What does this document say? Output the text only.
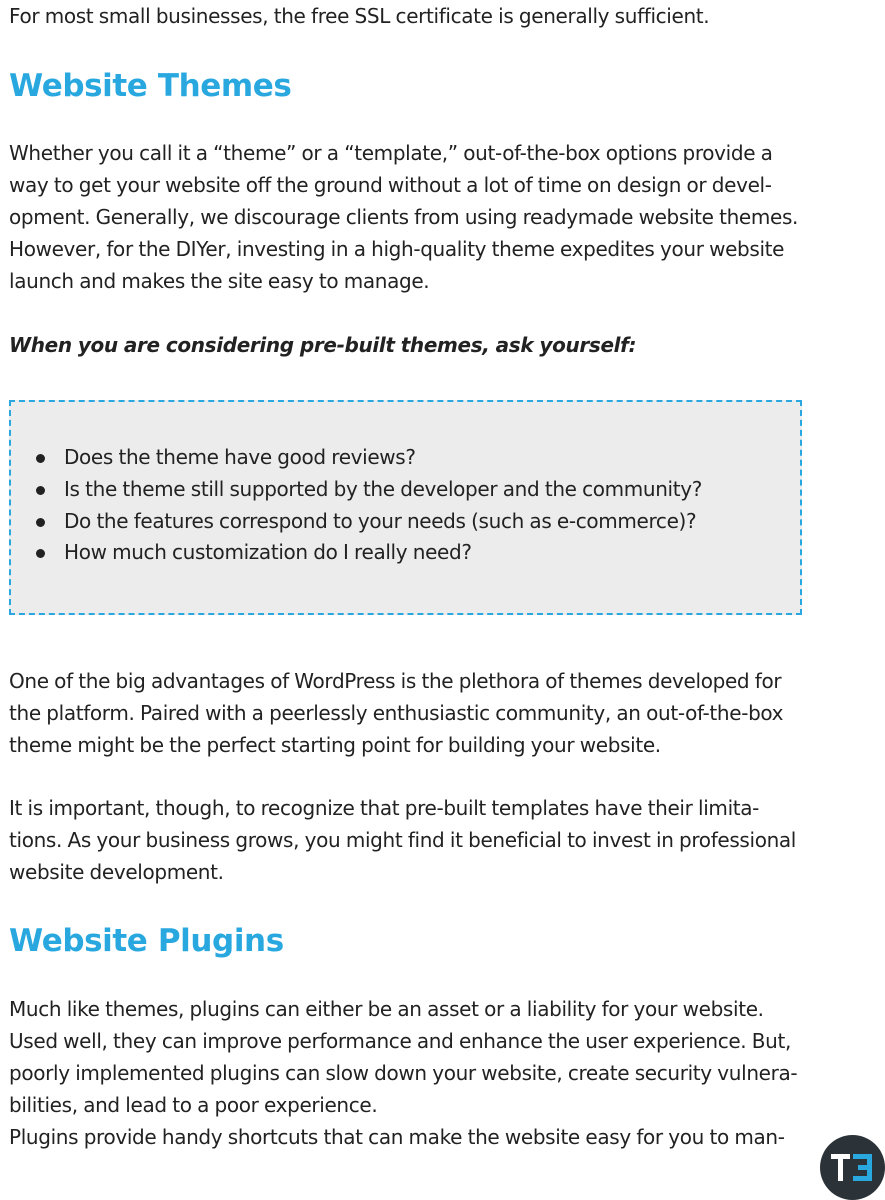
For most small businesses, the free SSL certificate is generally sufficient.

Website Themes

Whether you call it a “theme” or a “template,” out-of-the-box options provide a way to get your website off the ground without a lot of time on design or development. Generally, we discourage clients from using readymade website themes. However, for the DIYer, investing in a high-quality theme expedites your website launch and makes the site easy to manage.

When you are considering pre-built themes, ask yourself:

Does the theme have good reviews?
Is the theme still supported by the developer and the community?
Do the features correspond to your needs (such as e-commerce)?
How much customization do I really need?

One of the big advantages of WordPress is the plethora of themes developed for the platform. Paired with a peerlessly enthusiastic community, an out-of-the-box theme might be the perfect starting point for building your website.

It is important, though, to recognize that pre-built templates have their limitations. As your business grows, you might find it beneficial to invest in professional website development.

Website Plugins

Much like themes, plugins can either be an asset or a liability for your website. Used well, they can improve performance and enhance the user experience. But, poorly implemented plugins can slow down your website, create security vulnerabilities, and lead to a poor experience.

Plugins provide handy shortcuts that can make the website easy for you to man-
